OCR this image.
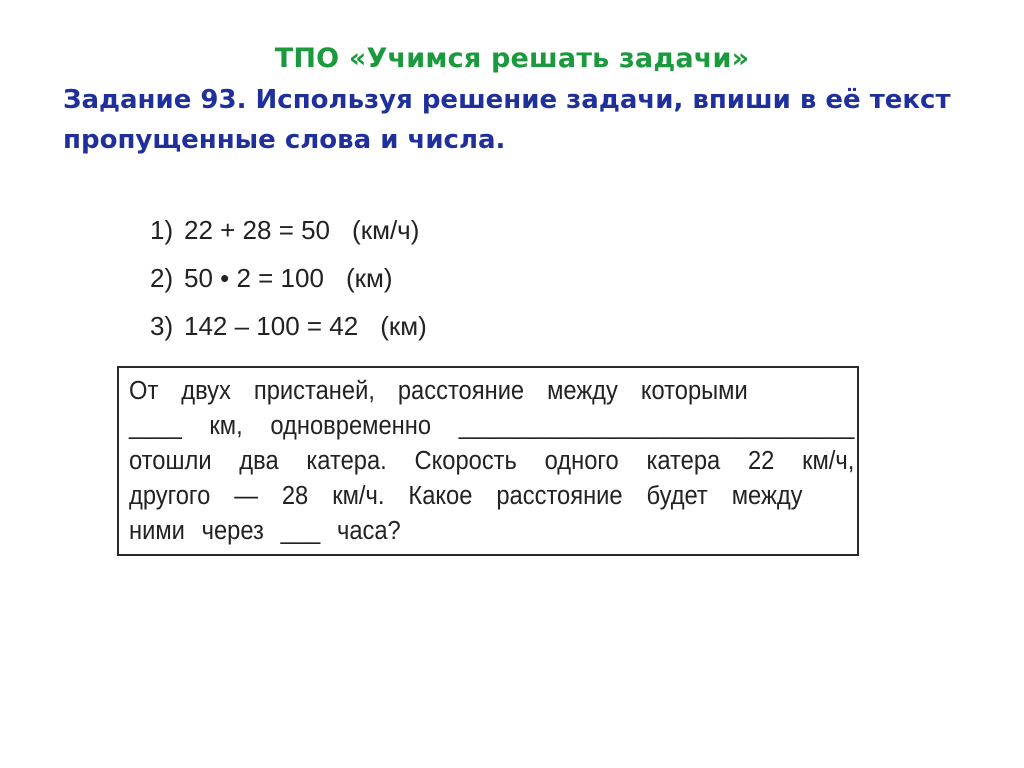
ТПО «Учимся решать задачи»
Задание 93. Используя решение задачи, впиши в её текст
пропущенные слова и числа.
1) 22 + 28 = 50 (км/ч)
2) 50 • 2 = 100 (км)
3) 142 – 100 = 42 (км)
От двух пристаней, расстояние между которыми
____ км, одновременно ______________________________
отошли два катера. Скорость одного катера 22 км/ч,
другого — 28 км/ч. Какое расстояние будет между
ними через ___ часа?
